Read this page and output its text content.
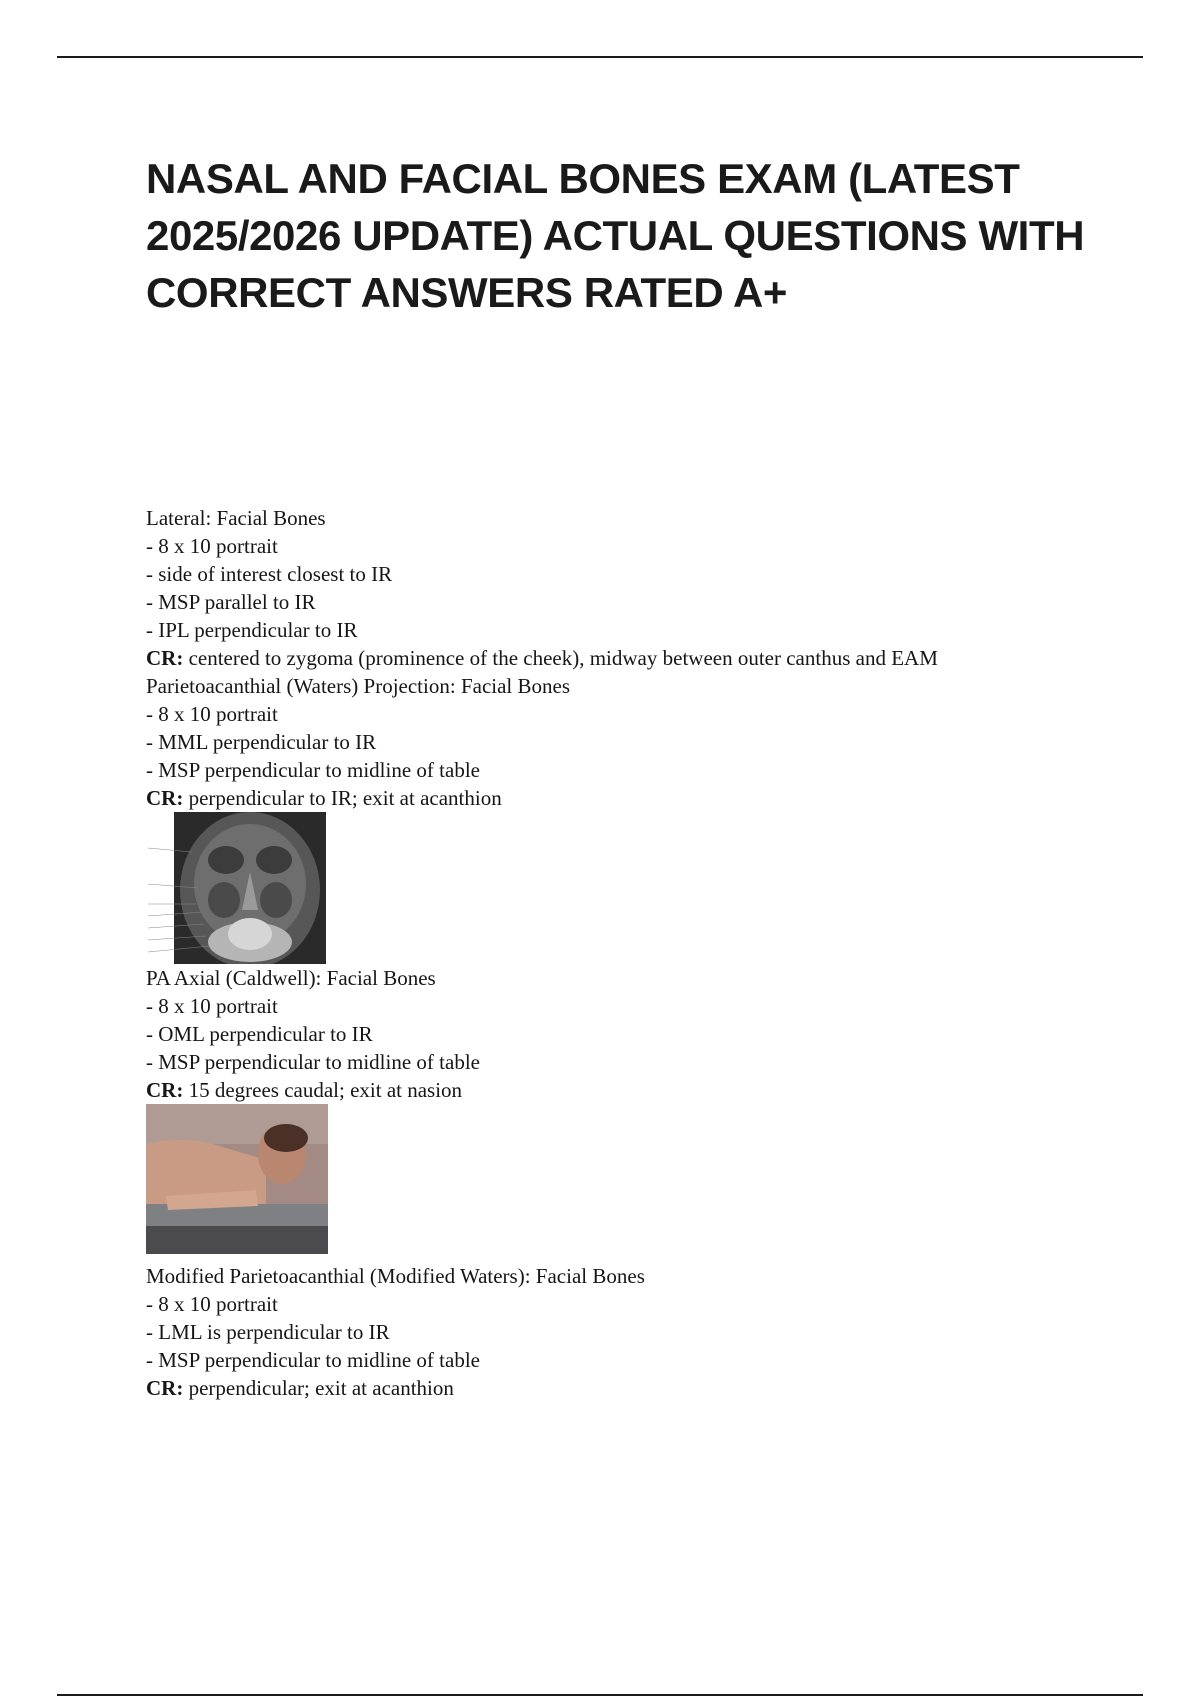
NASAL AND FACIAL BONES EXAM (LATEST 2025/2026 UPDATE) ACTUAL QUESTIONS WITH CORRECT ANSWERS RATED A+
Lateral: Facial Bones
- 8 x 10 portrait
- side of interest closest to IR
- MSP parallel to IR
- IPL perpendicular to IR
CR: centered to zygoma (prominence of the cheek), midway between outer canthus and EAM
Parietoacanthial (Waters) Projection: Facial Bones
- 8 x 10 portrait
- MML perpendicular to IR
- MSP perpendicular to midline of table
CR: perpendicular to IR; exit at acanthion
PA Axial (Caldwell): Facial Bones
- 8 x 10 portrait
- OML perpendicular to IR
- MSP perpendicular to midline of table
CR: 15 degrees caudal; exit at nasion
Modified Parietoacanthial (Modified Waters): Facial Bones
- 8 x 10 portrait
- LML is perpendicular to IR
- MSP perpendicular to midline of table
CR: perpendicular; exit at acanthion
